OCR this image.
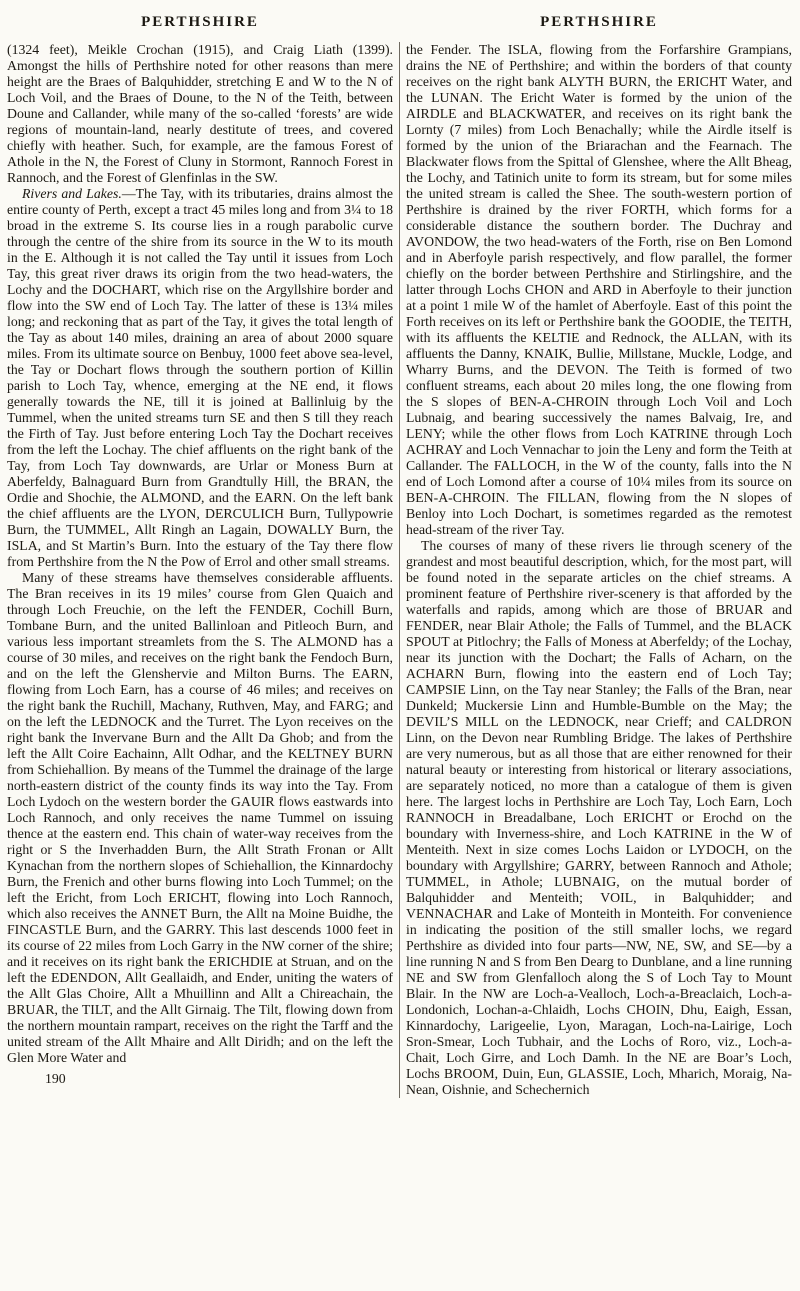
PERTHSHIRE	PERTHSHIRE

(1324 feet), Meikle Crochan (1915), and Craig Liath (1399). Amongst the hills of Perthshire noted for other reasons than mere height are the Braes of Balquhidder, stretching E and W to the N of Loch Voil, and the Braes of Doune, to the N of the Teith, between Doune and Callander, while many of the so-called ‘forests’ are wide regions of mountain-land, nearly destitute of trees, and covered chiefly with heather. Such, for example, are the famous Forest of Athole in the N, the Forest of Cluny in Stormont, Rannoch Forest in Rannoch, and the Forest of Glenfinlas in the SW.

Rivers and Lakes.—The Tay, with its tributaries, drains almost the entire county of Perth, except a tract 45 miles long and from 3¼ to 18 broad in the extreme S. Its course lies in a rough parabolic curve through the centre of the shire from its source in the W to its mouth in the E. Although it is not called the Tay until it issues from Loch Tay, this great river draws its origin from the two head-waters, the Lochy and the DOCHART, which rise on the Argyllshire border and flow into the SW end of Loch Tay. The latter of these is 13¼ miles long; and reckoning that as part of the Tay, it gives the total length of the Tay as about 140 miles, draining an area of about 2000 square miles. From its ultimate source on Benbuy, 1000 feet above sea-level, the Tay or Dochart flows through the southern portion of Killin parish to Loch Tay, whence, emerging at the NE end, it flows generally towards the NE, till it is joined at Ballinluig by the Tummel, when the united streams turn SE and then S till they reach the Firth of Tay. Just before entering Loch Tay the Dochart receives from the left the Lochay. The chief affluents on the right bank of the Tay, from Loch Tay downwards, are Urlar or Moness Burn at Aberfeldy, Balnaguard Burn from Grandtully Hill, the BRAN, the Ordie and Shochie, the ALMOND, and the EARN. On the left bank the chief affluents are the LYON, DERCULICH Burn, Tullypowrie Burn, the TUMMEL, Allt Ringh an Lagain, DOWALLY Burn, the ISLA, and St Martin’s Burn. Into the estuary of the Tay there flow from Perthshire from the N the Pow of Errol and other small streams.

Many of these streams have themselves considerable affluents. The Bran receives in its 19 miles’ course from Glen Quaich and through Loch Freuchie, on the left the FENDER, Cochill Burn, Tombane Burn, and the united Ballinloan and Pitleoch Burn, and various less important streamlets from the S. The ALMOND has a course of 30 miles, and receives on the right bank the Fendoch Burn, and on the left the Glenshervie and Milton Burns. The EARN, flowing from Loch Earn, has a course of 46 miles; and receives on the right bank the Ruchill, Machany, Ruthven, May, and FARG; and on the left the LEDNOCK and the Turret. The Lyon receives on the right bank the Invervane Burn and the Allt Da Ghob; and from the left the Allt Coire Eachainn, Allt Odhar, and the KELTNEY BURN from Schiehallion. By means of the Tummel the drainage of the large north-eastern district of the county finds its way into the Tay. From Loch Lydoch on the western border the GAUIR flows eastwards into Loch Rannoch, and only receives the name Tummel on issuing thence at the eastern end. This chain of water-way receives from the right or S the Inverhadden Burn, the Allt Strath Fronan or Allt Kynachan from the northern slopes of Schiehallion, the Kinnardochy Burn, the Frenich and other burns flowing into Loch Tummel; on the left the Ericht, from Loch ERICHT, flowing into Loch Rannoch, which also receives the ANNET Burn, the Allt na Moine Buidhe, the FINCASTLE Burn, and the GARRY. This last descends 1000 feet in its course of 22 miles from Loch Garry in the NW corner of the shire; and it receives on its right bank the ERICHDIE at Struan, and on the left the EDENDON, Allt Geallaidh, and Ender, uniting the waters of the Allt Glas Choire, Allt a Mhuillinn and Allt a Chireachain, the BRUAR, the TILT, and the Allt Girnaig. The Tilt, flowing down from the northern mountain rampart, receives on the right the Tarff and the united stream of the Allt Mhaire and Allt Diridh; and on the left the Glen More Water and

190

the Fender. The ISLA, flowing from the Forfarshire Grampians, drains the NE of Perthshire; and within the borders of that county receives on the right bank ALYTH BURN, the ERICHT Water, and the LUNAN. The Ericht Water is formed by the union of the AIRDLE and BLACKWATER, and receives on its right bank the Lornty (7 miles) from Loch Benachally; while the Airdle itself is formed by the union of the Briarachan and the Fearnach. The Blackwater flows from the Spittal of Glenshee, where the Allt Bheag, the Lochy, and Tatinich unite to form its stream, but for some miles the united stream is called the Shee. The south-western portion of Perthshire is drained by the river FORTH, which forms for a considerable distance the southern border. The Duchray and AVONDOW, the two head-waters of the Forth, rise on Ben Lomond and in Aberfoyle parish respectively, and flow parallel, the former chiefly on the border between Perthshire and Stirlingshire, and the latter through Lochs CHON and ARD in Aberfoyle to their junction at a point 1 mile W of the hamlet of Aberfoyle. East of this point the Forth receives on its left or Perthshire bank the GOODIE, the TEITH, with its affluents the KELTIE and Rednock, the ALLAN, with its affluents the Danny, KNAIK, Bullie, Millstane, Muckle, Lodge, and Wharry Burns, and the DEVON. The Teith is formed of two confluent streams, each about 20 miles long, the one flowing from the S slopes of BEN-A-CHROIN through Loch Voil and Loch Lubnaig, and bearing successively the names Balvaig, Ire, and LENY; while the other flows from Loch KATRINE through Loch ACHRAY and Loch Vennachar to join the Leny and form the Teith at Callander. The FALLOCH, in the W of the county, falls into the N end of Loch Lomond after a course of 10¼ miles from its source on BEN-A-CHROIN. The FILLAN, flowing from the N slopes of Benloy into Loch Dochart, is sometimes regarded as the remotest head-stream of the river Tay.

The courses of many of these rivers lie through scenery of the grandest and most beautiful description, which, for the most part, will be found noted in the separate articles on the chief streams. A prominent feature of Perthshire river-scenery is that afforded by the waterfalls and rapids, among which are those of BRUAR and FENDER, near Blair Athole; the Falls of Tummel, and the BLACK SPOUT at Pitlochry; the Falls of Moness at Aberfeldy; of the Lochay, near its junction with the Dochart; the Falls of Acharn, on the ACHARN Burn, flowing into the eastern end of Loch Tay; CAMPSIE Linn, on the Tay near Stanley; the Falls of the Bran, near Dunkeld; Muckersie Linn and Humble-Bumble on the May; the DEVIL’S MILL on the LEDNOCK, near Crieff; and CALDRON Linn, on the Devon near Rumbling Bridge. The lakes of Perthshire are very numerous, but as all those that are either renowned for their natural beauty or interesting from historical or literary associations, are separately noticed, no more than a catalogue of them is given here. The largest lochs in Perthshire are Loch Tay, Loch Earn, Loch RANNOCH in Breadalbane, Loch ERICHT or Erochd on the boundary with Inverness-shire, and Loch KATRINE in the W of Menteith. Next in size comes Lochs Laidon or LYDOCH, on the boundary with Argyllshire; GARRY, between Rannoch and Athole; TUMMEL, in Athole; LUBNAIG, on the mutual border of Balquhidder and Menteith; VOIL, in Balquhidder; and VENNACHAR and Lake of Monteith in Monteith. For convenience in indicating the position of the still smaller lochs, we regard Perthshire as divided into four parts—NW, NE, SW, and SE—by a line running N and S from Ben Dearg to Dunblane, and a line running NE and SW from Glenfalloch along the S of Loch Tay to Mount Blair. In the NW are Loch-a-Vealloch, Loch-a-Breaclaich, Loch-a-Londonich, Lochan-a-Chlaidh, Lochs CHOIN, Dhu, Eaigh, Essan, Kinnardochy, Larigeelie, Lyon, Maragan, Loch-na-Lairige, Loch Sron-Smear, Loch Tubhair, and the Lochs of Roro, viz., Loch-a-Chait, Loch Girre, and Loch Damh. In the NE are Boar’s Loch, Lochs BROOM, Duin, Eun, GLASSIE, Loch, Mharich, Moraig, Na-Nean, Oishnie, and Schechernich
